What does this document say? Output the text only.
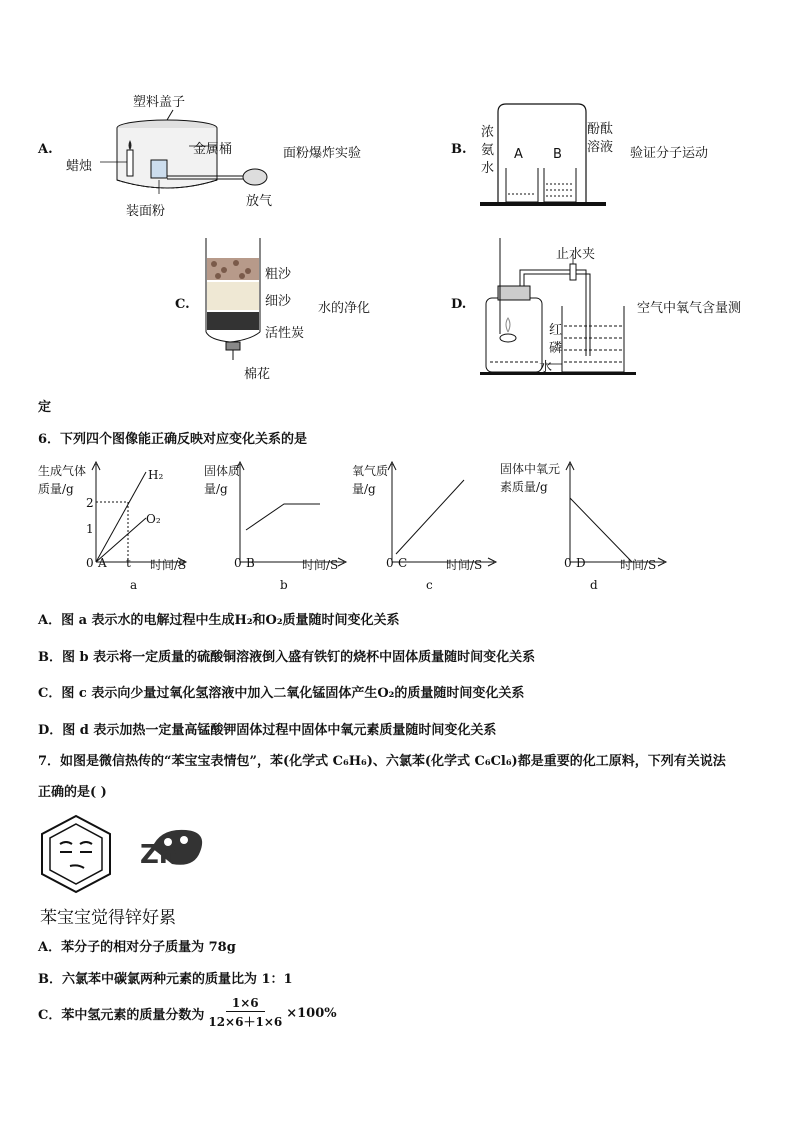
A.
塑料盖子
金属桶
蜡烛
装面粉
放气
面粉爆炸实验	B.
浓
氨
水
酚酞
溶液
A B	验证分子运动
C.
粗沙
细沙
活性炭
棉花
水的净化	D.
止水夹
红
磷
水
空气中氧气含量测
定
6．下列四个图像能正确反映对应变化关系的是
生成气体
质量/g
2
1
H₂
O₂
0 A t 时间/S
a
固体质
量/g
0 B	时间/S
b
氧气质
量/g
0 C	时间/S
c
固体中氧元
素质量/g
0 D	时间/S
d
A．图 a 表示水的电解过程中生成H₂和O₂质量随时间变化关系
B．图 b 表示将一定质量的硫酸铜溶液倒入盛有铁钉的烧杯中固体质量随时间变化关系
C．图 c 表示向少量过氧化氢溶液中加入二氧化锰固体产生O₂的质量随时间变化关系
D．图 d 表示加热一定量高锰酸钾固体过程中固体中氧元素质量随时间变化关系
7．如图是微信热传的“苯宝宝表情包”，苯(化学式 C₆H₆)、六氯苯(化学式 C₆Cl₆)都是重要的化工原料，下列有关说法
正确的是( )
Zn
苯宝宝觉得锌好累
A．苯分子的相对分子质量为 78g
B．六氯苯中碳氯两种元素的质量比为 1：1
C．苯中氢元素的质量分数为 $\frac{1\times 6}{12\times 6+1\times 6} \times 100\%$
